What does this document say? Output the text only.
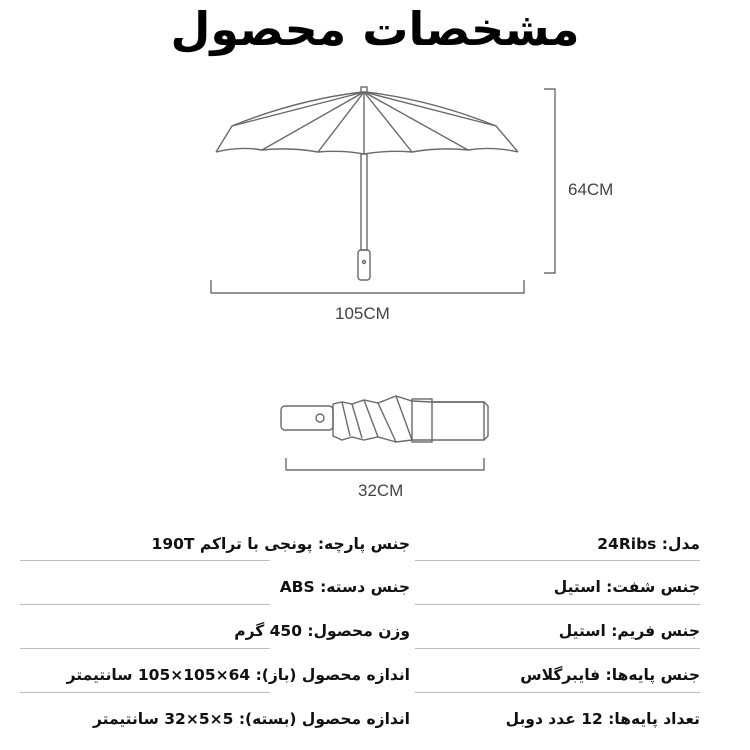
مشخصات محصول
64CM
105CM
32CM
مدل: 24Ribs
جنس پارچه: پونجی با تراکم 190T
جنس شفت: استیل
جنس دسته: ABS
جنس فریم: استیل
وزن محصول: 450 گرم
جنس پایه‌ها: فایبرگلاس
اندازه محصول (باز): 64×105×105 سانتیمتر
تعداد پایه‌ها: 12 عدد دوبل
اندازه محصول (بسته): 5×5×32 سانتیمتر
